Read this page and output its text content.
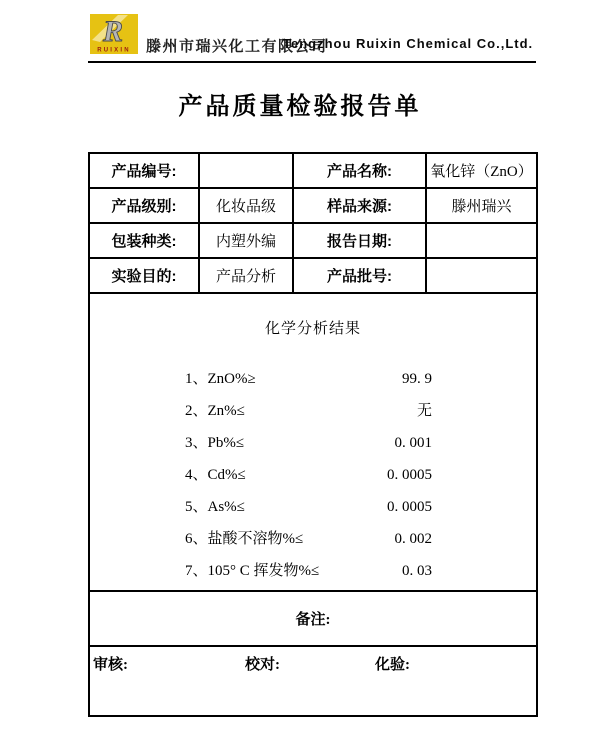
R
RUIXIN 滕州市瑞兴化工有限公司
Tengzhou Ruixin Chemical Co.,Ltd.
产品质量检验报告单
产品编号:		产品名称:	氧化锌（ZnO）
产品级别:	化妆品级	样品来源:	滕州瑞兴
包装种类:	内塑外编	报告日期:	
实验目的:	产品分析	产品批号:	

化学分析结果
1、ZnO%≥	99. 9
2、Zn%≤	无
3、Pb%≤	0. 001
4、Cd%≤	0. 0005
5、As%≤	0. 0005
6、盐酸不溶物%≤	0. 002
7、105° C 挥发物%≤	0. 03

备注:			

审核: 校对: 化验:			
